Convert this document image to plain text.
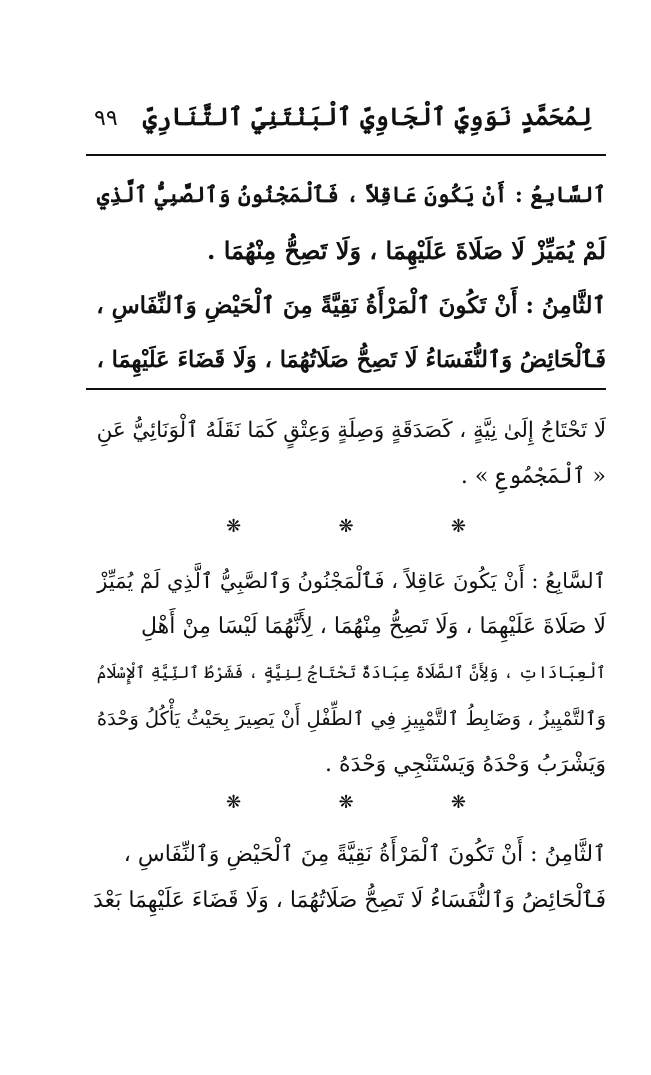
٩٩ لِمُحَمَّدٍ نَوَوِيِّ ٱلْجَاوِيِّ ٱلْبَنْتَنِيِّ ٱلتَّنَارِيِّ
ٱلسَّابِعُ : أَنْ يَكُونَ عَاقِلاً ، فَٱلْمَجْنُونُ وَٱلصَّبِيُّ ٱلَّذِي
لَمْ يُمَيِّزْ لَا صَلَاةَ عَلَيْهِمَا ، وَلَا تَصِحُّ مِنْهُمَا .
ٱلثَّامِنُ : أَنْ تَكُونَ ٱلْمَرْأَةُ نَقِيَّةً مِنَ ٱلْحَيْضِ وَٱلنِّفَاسِ ،
فَٱلْحَائِضُ وَٱلنُّفَسَاءُ لَا تَصِحُّ صَلَاتُهُمَا ، وَلَا قَضَاءَ عَلَيْهِمَا ،
لَا تَحْتَاجُ إِلَىٰ نِيَّةٍ ، كَصَدَقَةٍ وَصِلَةٍ وَعِتْقٍ كَمَا نَقَلَهُ ٱلْوَنَائِيُّ عَنِ
« ٱلْمَجْمُوعِ » .
❋	❋	❋
ٱلسَّابِعُ : أَنْ يَكُونَ عَاقِلاً ، فَٱلْمَجْنُونُ وَٱلصَّبِيُّ ٱلَّذِي لَمْ يُمَيِّزْ
لَا صَلَاةَ عَلَيْهِمَا ، وَلَا تَصِحُّ مِنْهُمَا ، لِأَنَّهُمَا لَيْسَا مِنْ أَهْلِ
ٱلْعِبَادَاتِ ، وَلِأَنَّ ٱلصَّلَاةَ عِبَادَةٌ تَحْتَاجُ لِنِيَّةٍ ، فَشَرْطُ ٱلنِّيَّةِ ٱلْإِسْلَامُ
وَٱلتَّمْيِيزُ ، وَضَابِطُ ٱلتَّمْيِيزِ فِي ٱلطِّفْلِ أَنْ يَصِيرَ بِحَيْثُ يَأْكُلُ وَحْدَهُ
وَيَشْرَبُ وَحْدَهُ وَيَسْتَنْجِي وَحْدَهُ .
❋	❋	❋
ٱلثَّامِنُ : أَنْ تَكُونَ ٱلْمَرْأَةُ نَقِيَّةً مِنَ ٱلْحَيْضِ وَٱلنِّفَاسِ ،
فَٱلْحَائِضُ وَٱلنُّفَسَاءُ لَا تَصِحُّ صَلَاتُهُمَا ، وَلَا قَضَاءَ عَلَيْهِمَا بَعْدَ
